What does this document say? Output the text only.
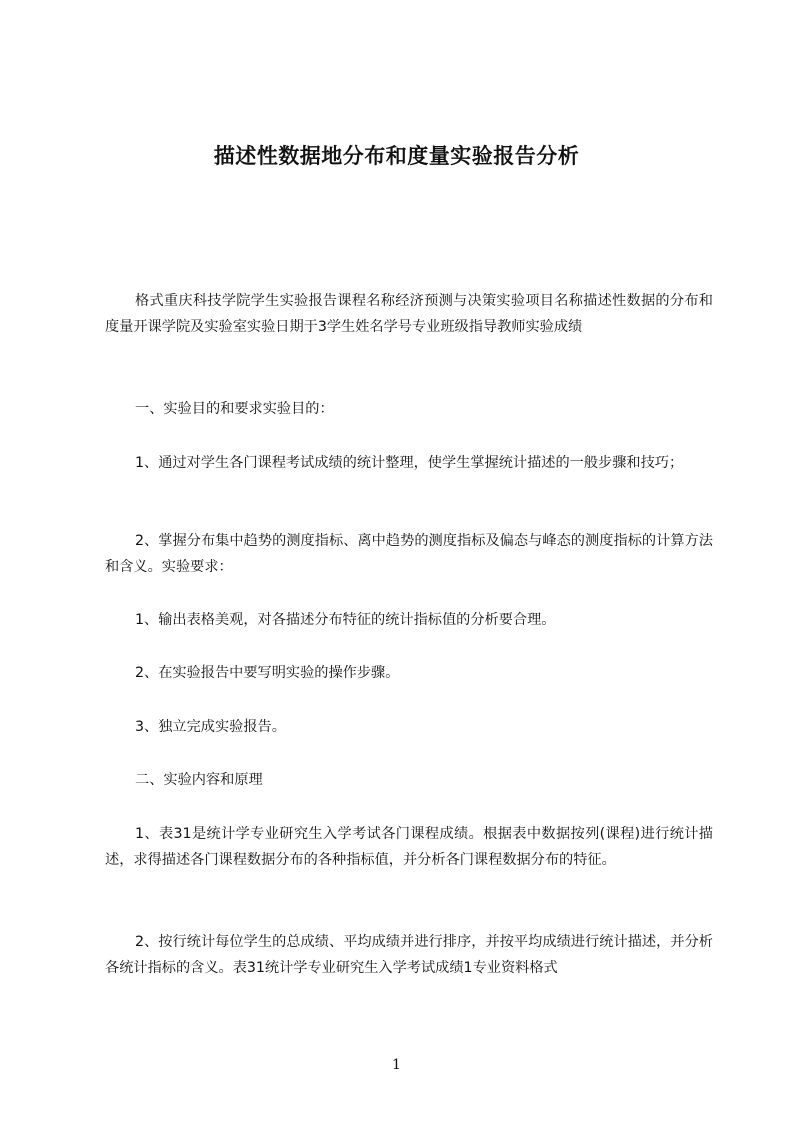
描述性数据地分布和度量实验报告分析

格式重庆科技学院学生实验报告课程名称经济预测与决策实验项目名称描述性数据的分布和度量开课学院及实验室实验日期于3学生姓名学号专业班级指导教师实验成绩

一、实验目的和要求实验目的：

1、通过对学生各门课程考试成绩的统计整理，使学生掌握统计描述的一般步骤和技巧；

2、掌握分布集中趋势的测度指标、离中趋势的测度指标及偏态与峰态的测度指标的计算方法和含义。实验要求：

1、输出表格美观，对各描述分布特征的统计指标值的分析要合理。

2、在实验报告中要写明实验的操作步骤。

3、独立完成实验报告。

二、实验内容和原理

1、表31是统计学专业研究生入学考试各门课程成绩。根据表中数据按列(课程)进行统计描述，求得描述各门课程数据分布的各种指标值，并分析各门课程数据分布的特征。

2、按行统计每位学生的总成绩、平均成绩并进行排序，并按平均成绩进行统计描述，并分析各统计指标的含义。表31统计学专业研究生入学考试成绩1专业资料格式

1
